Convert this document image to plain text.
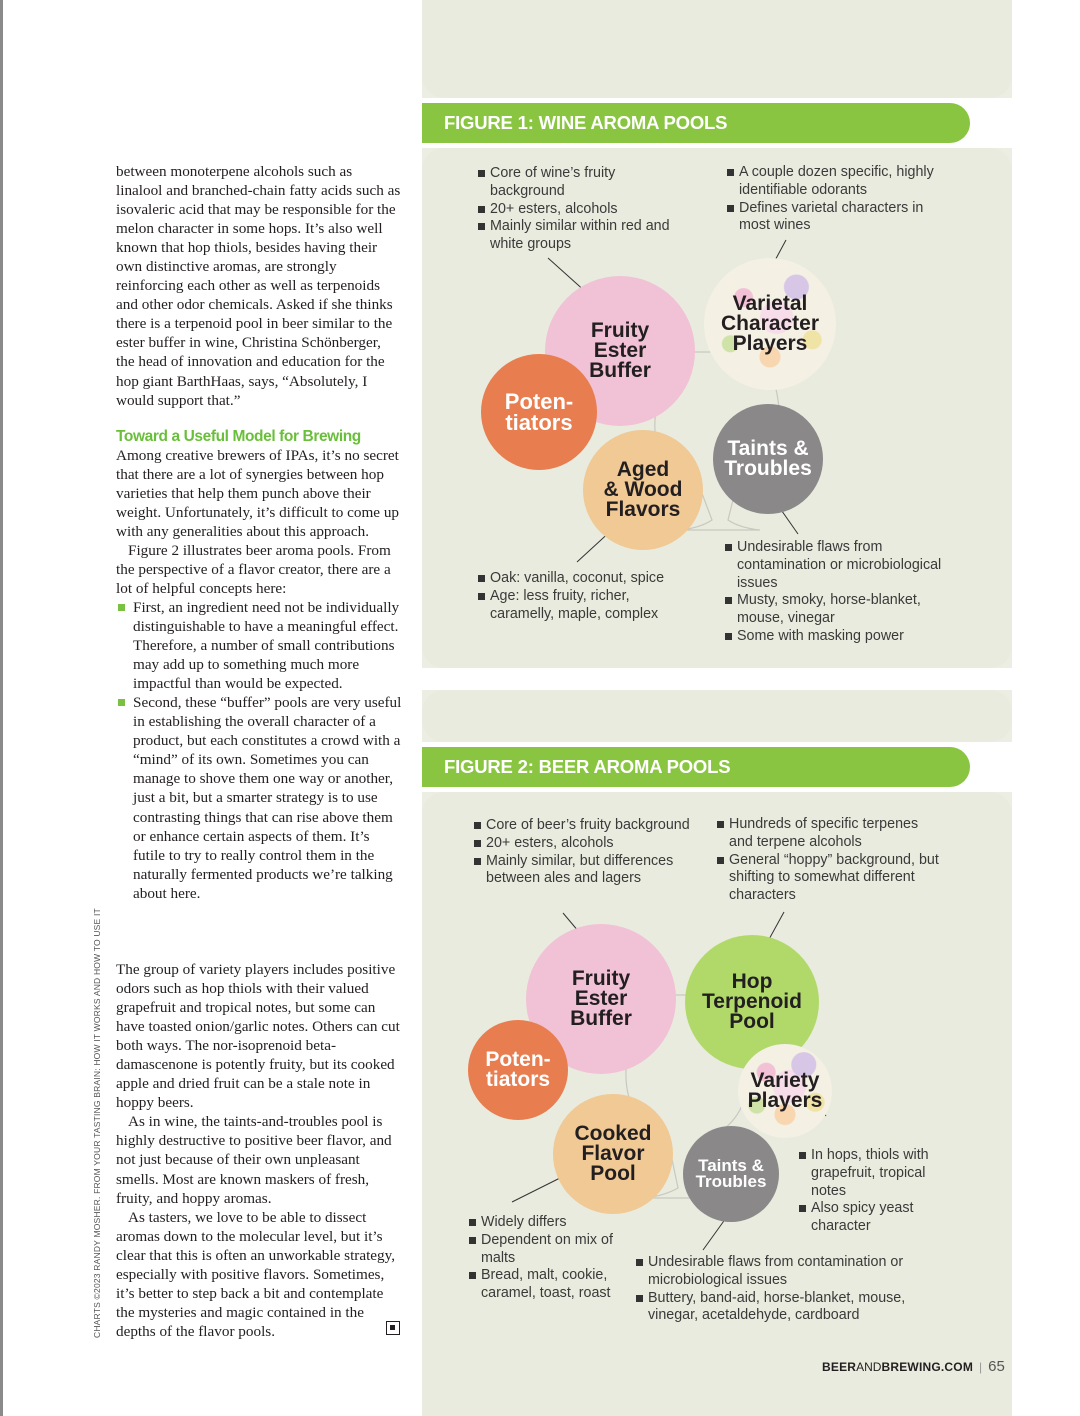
between monoterpene alcohols such as linalool and branched-chain fatty acids such as isovaleric acid that may be responsible for the melon character in some hops. It’s also well known that hop thiols, besides having their own distinctive aromas, are strongly reinforcing each other as well as terpenoids and other odor chemicals. Asked if she thinks there is a terpenoid pool in beer similar to the ester buffer in wine, Christina Schönberger, the head of innovation and education for the hop giant BarthHaas, says, “Absolutely, I would support that.”

Toward a Useful Model for Brewing

Among creative brewers of IPAs, it’s no secret that there are a lot of synergies between hop varieties that help them punch above their weight. Unfortunately, it’s difficult to come up with any generalities about this approach.

Figure 2 illustrates beer aroma pools. From the perspective of a flavor creator, there are a lot of helpful concepts here:

First, an ingredient need not be individually distinguishable to have a meaningful effect. Therefore, a number of small contributions may add up to something much more impactful than would be expected.
Second, these “buffer” pools are very useful in establishing the overall character of a product, but each constitutes a crowd with a “mind” of its own. Sometimes you can manage to shove them one way or another, just a bit, but a smarter strategy is to use contrasting things that can rise above them or enhance certain aspects of them. It’s futile to try to really control them in the naturally fermented products we’re talking about here.

The group of variety players includes positive odors such as hop thiols with their valued grapefruit and tropical notes, but some can have toasted onion/garlic notes. Others can cut both ways. The nor-isoprenoid beta-damascenone is potently fruity, but its cooked apple and dried fruit can be a stale note in hoppy beers.

As in wine, the taints-and-troubles pool is highly destructive to positive beer flavor, and not just because of their own unpleasant smells. Most are known maskers of fresh, fruity, and hoppy aromas.

As tasters, we love to be able to dissect aromas down to the molecular level, but it’s clear that this is often an unworkable strategy, especially with positive flavors. Sometimes, it’s better to step back a bit and contemplate the mysteries and magic contained in the depths of the flavor pools.

CHARTS ©2023 RANDY MOSHER. FROM YOUR TASTING BRAIN: HOW IT WORKS AND HOW TO USE IT
FIGURE 1: WINE AROMA POOLS
Core of wine’s fruity background
20+ esters, alcohols
Mainly similar within red and white groups
A couple dozen specific, highly identifiable odorants
Defines varietal characters in most wines
Oak: vanilla, coconut, spice
Age: less fruity, richer, caramelly, maple, complex
Undesirable flaws from contamination or microbiological issues
Musty, smoky, horse-blanket, mouse, vinegar
Some with masking power
Varietal
Character
Players
Fruity
Ester
Buffer
Poten-
tiators
Taints &
Troubles
Aged
& Wood
Flavors
FIGURE 2: BEER AROMA POOLS
Core of beer’s fruity background
20+ esters, alcohols
Mainly similar, but differences between ales and lagers
Hundreds of specific terpenes and terpene alcohols
General “hoppy” background, but shifting to somewhat different characters
In hops, thiols with grapefruit, tropical notes
Also spicy yeast character
Widely differs
Dependent on mix of malts
Bread, malt, cookie, caramel, toast, roast
Undesirable flaws from contamination or microbiological issues
Buttery, band-aid, horse-blanket, mouse, vinegar, acetaldehyde, cardboard
Fruity
Ester
Buffer
Hop
Terpenoid
Pool
Variety
Players
Poten-
tiators
Cooked
Flavor
Pool	Taints &
Troubles
BEERANDBREWING.COM | 65
